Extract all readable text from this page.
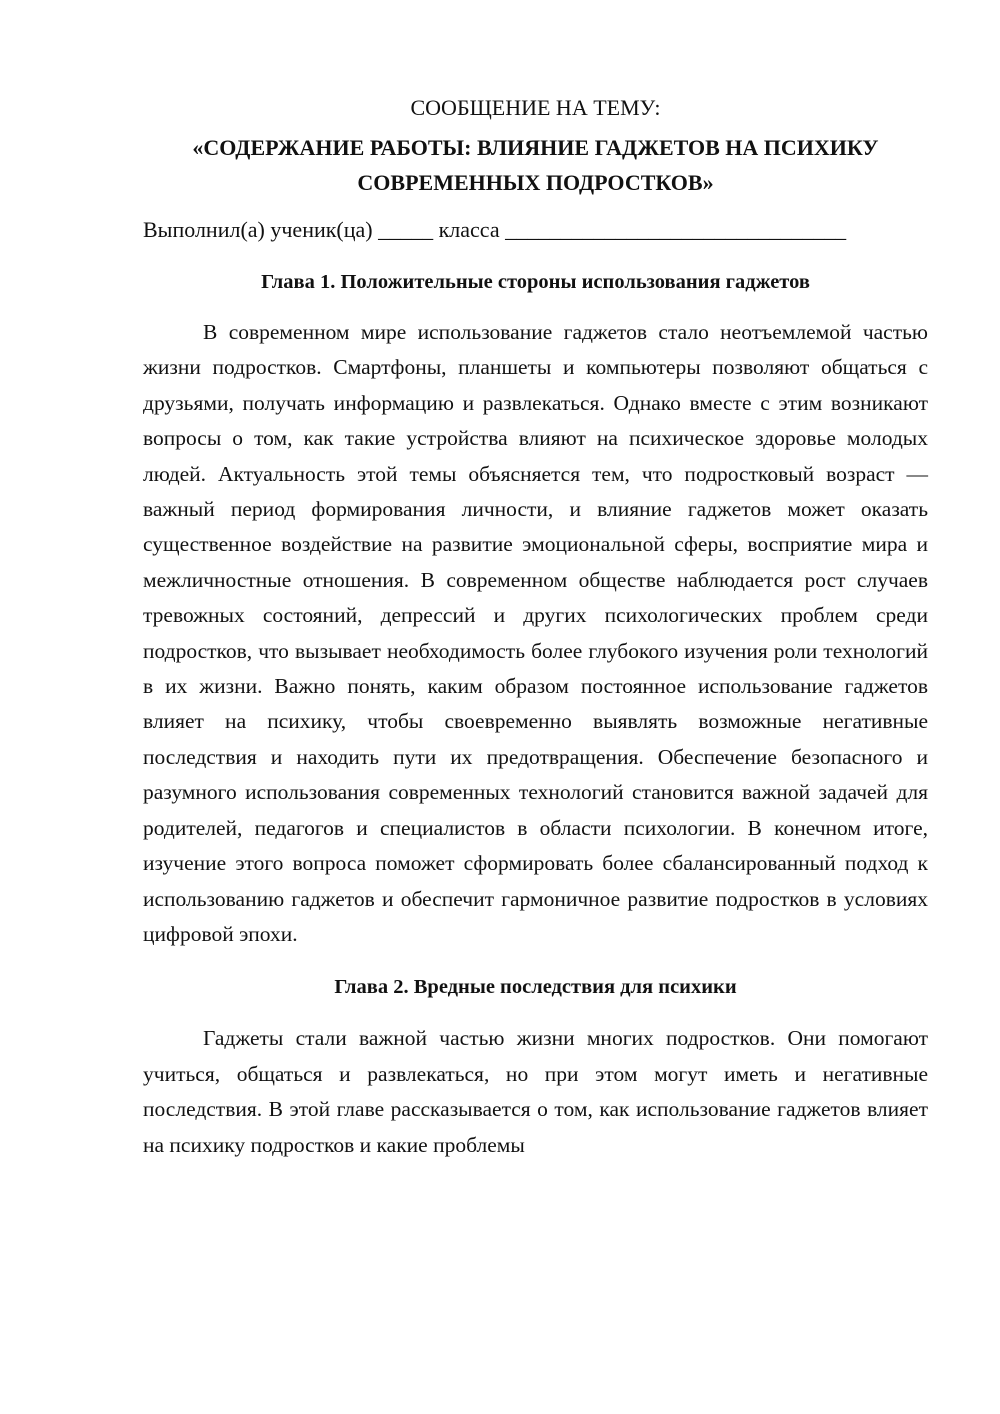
СООБЩЕНИЕ НА ТЕМУ:
«СОДЕРЖАНИЕ РАБОТЫ: ВЛИЯНИЕ ГАДЖЕТОВ НА ПСИХИКУ
СОВРЕМЕННЫХ ПОДРОСТКОВ»

Выполнил(а) ученик(ца) _____ класса _______________________________

Глава 1. Положительные стороны использования гаджетов

В современном мире использование гаджетов стало неотъемлемой частью жизни подростков. Смартфоны, планшеты и компьютеры позволяют общаться с друзьями, получать информацию и развлекаться. Однако вместе с этим возникают вопросы о том, как такие устройства влияют на психическое здоровье молодых людей. Актуальность этой темы объясняется тем, что подростковый возраст — важный период формирования личности, и влияние гаджетов может оказать существенное воздействие на развитие эмоциональной сферы, восприятие мира и межличностные отношения. В современном обществе наблюдается рост случаев тревожных состояний, депрессий и других психологических проблем среди подростков, что вызывает необходимость более глубокого изучения роли технологий в их жизни. Важно понять, каким образом постоянное использование гаджетов влияет на психику, чтобы своевременно выявлять возможные негативные последствия и находить пути их предотвращения. Обеспечение безопасного и разумного использования современных технологий становится важной задачей для родителей, педагогов и специалистов в области психологии. В конечном итоге, изучение этого вопроса поможет сформировать более сбалансированный подход к использованию гаджетов и обеспечит гармоничное развитие подростков в условиях цифровой эпохи.

Глава 2. Вредные последствия для психики

Гаджеты стали важной частью жизни многих подростков. Они помогают учиться, общаться и развлекаться, но при этом могут иметь и негативные последствия. В этой главе рассказывается о том, как использование гаджетов влияет на психику подростков и какие проблемы
